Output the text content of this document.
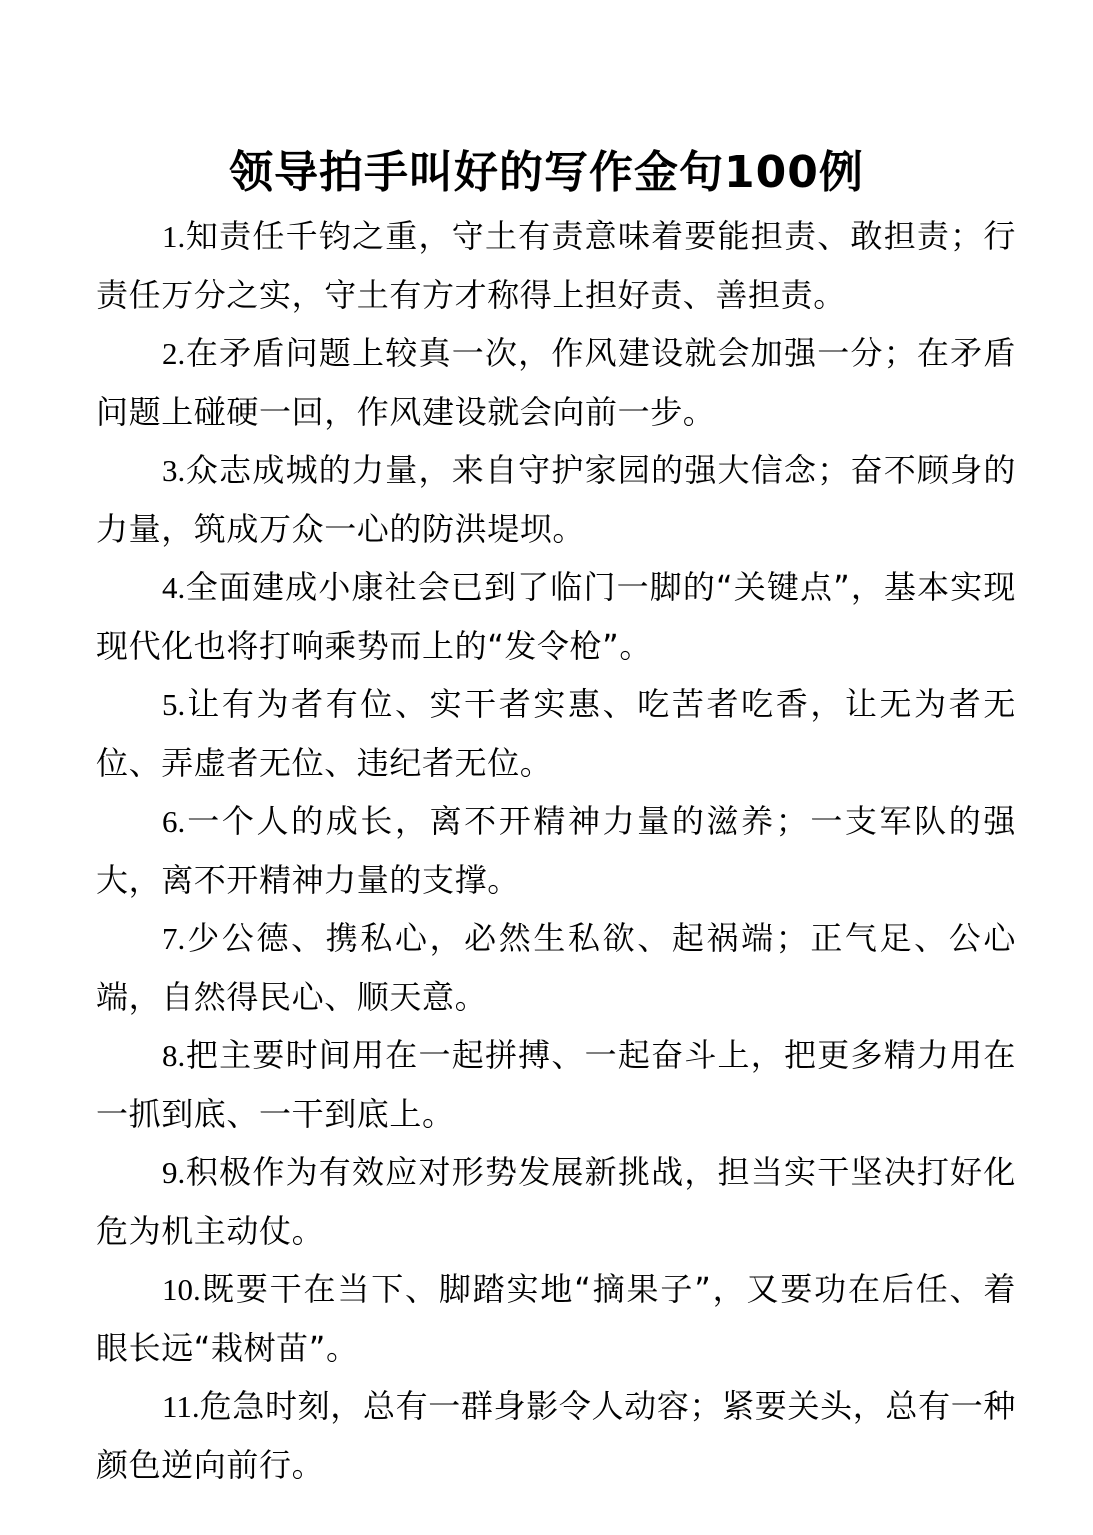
领导拍手叫好的写作金句100例

1.知责任千钧之重，守土有责意味着要能担责、敢担责；行责任万分之实，守土有方才称得上担好责、善担责。

2.在矛盾问题上较真一次，作风建设就会加强一分；在矛盾问题上碰硬一回，作风建设就会向前一步。

3.众志成城的力量，来自守护家园的强大信念；奋不顾身的力量，筑成万众一心的防洪堤坝。

4.全面建成小康社会已到了临门一脚的“关键点”，基本实现现代化也将打响乘势而上的“发令枪”。

5.让有为者有位、实干者实惠、吃苦者吃香，让无为者无位、弄虚者无位、违纪者无位。

6.一个人的成长，离不开精神力量的滋养；一支军队的强大，离不开精神力量的支撑。

7.少公德、携私心，必然生私欲、起祸端；正气足、公心端，自然得民心、顺天意。

8.把主要时间用在一起拼搏、一起奋斗上，把更多精力用在一抓到底、一干到底上。

9.积极作为有效应对形势发展新挑战，担当实干坚决打好化危为机主动仗。

10.既要干在当下、脚踏实地“摘果子”，又要功在后任、着眼长远“栽树苗”。

11.危急时刻，总有一群身影令人动容；紧要关头，总有一种颜色逆向前行。
